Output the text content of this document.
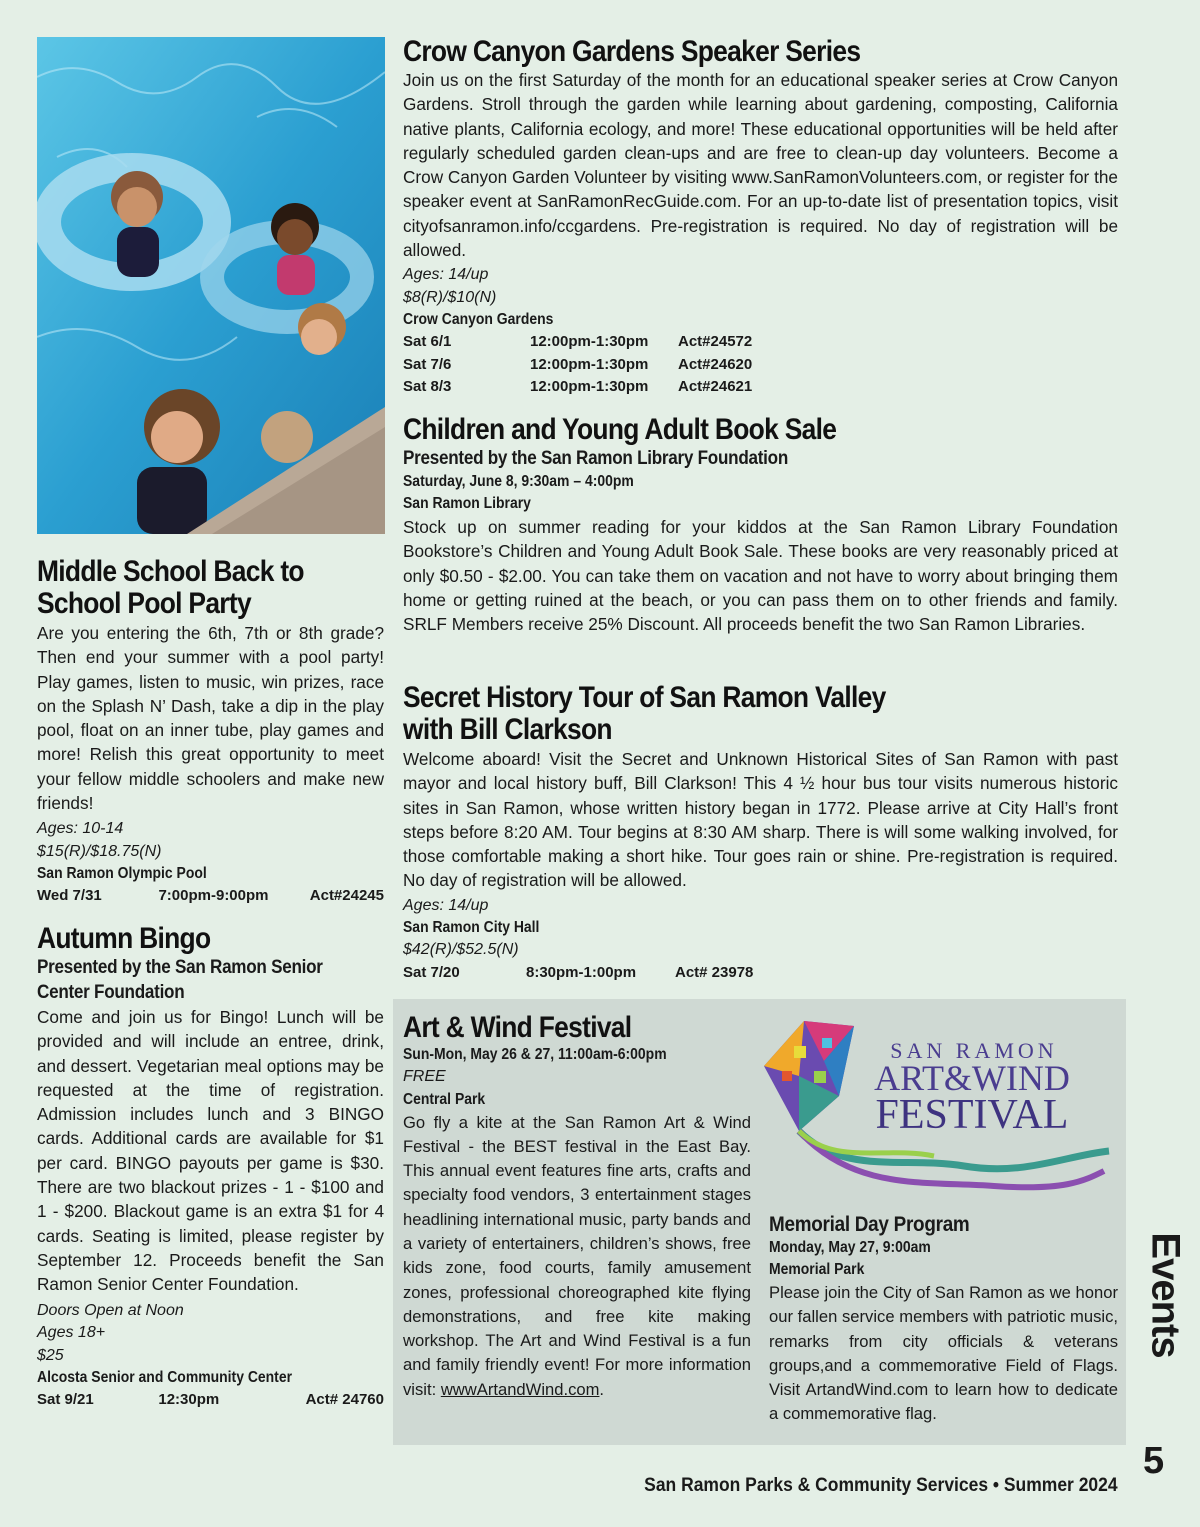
Middle School Back to
School Pool Party

Are you entering the 6th, 7th or 8th grade? Then end your summer with a pool party! Play games, listen to music, win prizes, race on the Splash N’ Dash, take a dip in the play pool, float on an inner tube, play games and more! Relish this great opportunity to meet your fellow middle schoolers and make new friends!

Ages: 10-14
$15(R)/$18.75(N)
San Ramon Olympic Pool
Wed 7/31	7:00pm-9:00pm	Act#24245
Autumn Bingo
Presented by the San Ramon Senior
Center Foundation

Come and join us for Bingo! Lunch will be provided and will include an entree, drink, and dessert. Vegetarian meal options may be requested at the time of registration. Admission includes lunch and 3 BINGO cards. Additional cards are available for $1 per card. BINGO payouts per game is $30. There are two blackout prizes - 1 - $100 and 1 - $200. Blackout game is an extra $1 for 4 cards. Seating is limited, please register by September 12. Proceeds benefit the San Ramon Senior Center Foundation.

Doors Open at Noon
Ages 18+
$25
Alcosta Senior and Community Center
Sat 9/21	12:30pm	Act# 24760
Crow Canyon Gardens Speaker Series

Join us on the first Saturday of the month for an educational speaker series at Crow Canyon Gardens. Stroll through the garden while learning about gardening, composting, California native plants, California ecology, and more! These educational opportunities will be held after regularly scheduled garden clean-ups and are free to clean-up day volunteers. Become a Crow Canyon Garden Volunteer by visiting www.SanRamonVolunteers.com, or register for the speaker event at SanRamonRecGuide.com. For an up-to-date list of presentation topics, visit cityofsanramon.info/ccgardens. Pre-registration is required. No day of registration will be allowed.

Ages: 14/up
$8(R)/$10(N)
Crow Canyon Gardens
Sat 6/1	12:00pm-1:30pm	Act#24572
Sat 7/6	12:00pm-1:30pm	Act#24620
Sat 8/3	12:00pm-1:30pm	Act#24621
Children and Young Adult Book Sale
Presented by the San Ramon Library Foundation
Saturday, June 8, 9:30am – 4:00pm
San Ramon Library

Stock up on summer reading for your kiddos at the San Ramon Library Foundation Bookstore’s Children and Young Adult Book Sale. These books are very reasonably priced at only $0.50 - $2.00. You can take them on vacation and not have to worry about bringing them home or getting ruined at the beach, or you can pass them on to other friends and family. SRLF Members receive 25% Discount. All proceeds benefit the two San Ramon Libraries.

Secret History Tour of San Ramon Valley
with Bill Clarkson

Welcome aboard! Visit the Secret and Unknown Historical Sites of San Ramon with past mayor and local history buff, Bill Clarkson! This 4 ½ hour bus tour visits numerous historic sites in San Ramon, whose written history began in 1772. Please arrive at City Hall’s front steps before 8:20 AM. Tour begins at 8:30 AM sharp. There is will some walking involved, for those comfortable making a short hike. Tour goes rain or shine. Pre-registration is required. No day of registration will be allowed.

Ages: 14/up
San Ramon City Hall
$42(R)/$52.5(N)
Sat 7/20	8:30pm-1:00pm	Act# 23978
Art & Wind Festival
Sun-Mon, May 26 & 27, 11:00am-6:00pm
FREE
Central Park

Go fly a kite at the San Ramon Art & Wind Festival - the BEST festival in the East Bay. This annual event features fine arts, crafts and specialty food vendors, 3 entertainment stages headlining international music, party bands and a variety of entertainers, children’s shows, free kids zone, food courts, family amusement zones, professional choreographed kite flying demonstrations, and free kite making workshop. The Art and Wind Festival is a fun and family friendly event! For more information visit: wwwArtandWind.com.

SAN RAMON
ART&WIND
FESTIVAL
Memorial Day Program
Monday, May 27, 9:00am
Memorial Park

Please join the City of San Ramon as we honor our fallen service members with patriotic music, remarks from city officials & veterans groups,and a commemorative Field of Flags. Visit ArtandWind.com to learn how to dedicate a commemorative flag.

Events
5
San Ramon Parks & Community Services • Summer 2024
